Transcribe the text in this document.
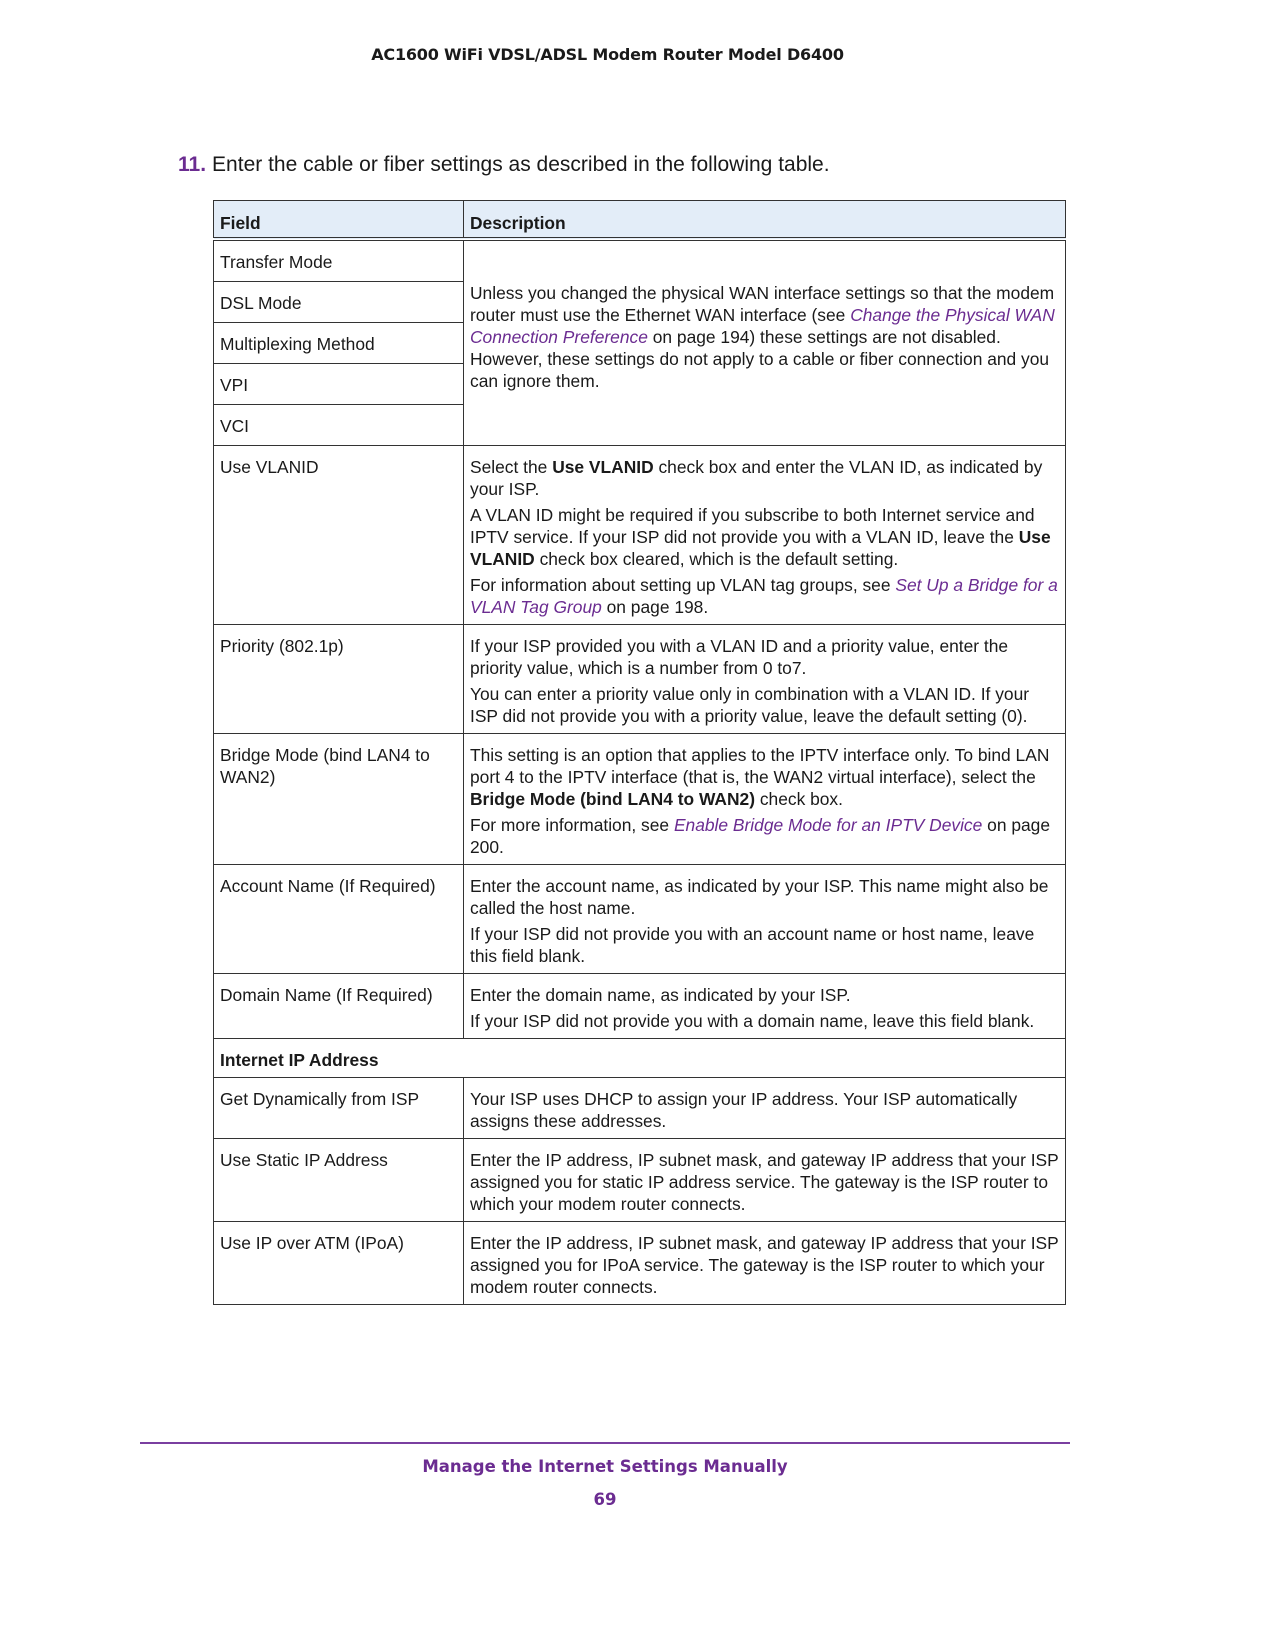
AC1600 WiFi VDSL/ADSL Modem Router Model D6400
11. Enter the cable or fiber settings as described in the following table.
Field	Description
Transfer Mode	Unless you changed the physical WAN interface settings so that the modem router must use the Ethernet WAN interface (see Change the Physical WAN Connection Preference on page 194) these settings are not disabled. However, these settings do not apply to a cable or fiber connection and you can ignore them.
DSL Mode	
Multiplexing Method	
VPI	
VCI	
Use VLANID	Select the Use VLANID check box and enter the VLAN ID, as indicated by your ISP.

A VLAN ID might be required if you subscribe to both Internet service and IPTV service. If your ISP did not provide you with a VLAN ID, leave the Use VLANID check box cleared, which is the default setting.

For information about setting up VLAN tag groups, see Set Up a Bridge for a VLAN Tag Group on page 198.

Priority (802.1p)	If your ISP provided you with a VLAN ID and a priority value, enter the priority value, which is a number from 0 to7.

You can enter a priority value only in combination with a VLAN ID. If your ISP did not provide you with a priority value, leave the default setting (0).

Bridge Mode (bind LAN4 to WAN2)	This setting is an option that applies to the IPTV interface only. To bind LAN port 4 to the IPTV interface (that is, the WAN2 virtual interface), select the Bridge Mode (bind LAN4 to WAN2) check box.

For more information, see Enable Bridge Mode for an IPTV Device on page 200.

Account Name (If Required)	Enter the account name, as indicated by your ISP. This name might also be called the host name.

If your ISP did not provide you with an account name or host name, leave this field blank.

Domain Name (If Required)	Enter the domain name, as indicated by your ISP.

If your ISP did not provide you with a domain name, leave this field blank.

Internet IP Address	
Get Dynamically from ISP	Your ISP uses DHCP to assign your IP address. Your ISP automatically assigns these addresses.

Use Static IP Address	Enter the IP address, IP subnet mask, and gateway IP address that your ISP assigned you for static IP address service. The gateway is the ISP router to which your modem router connects.

Use IP over ATM (IPoA)	Enter the IP address, IP subnet mask, and gateway IP address that your ISP assigned you for IPoA service. The gateway is the ISP router to which your modem router connects.

Manage the Internet Settings Manually
69
